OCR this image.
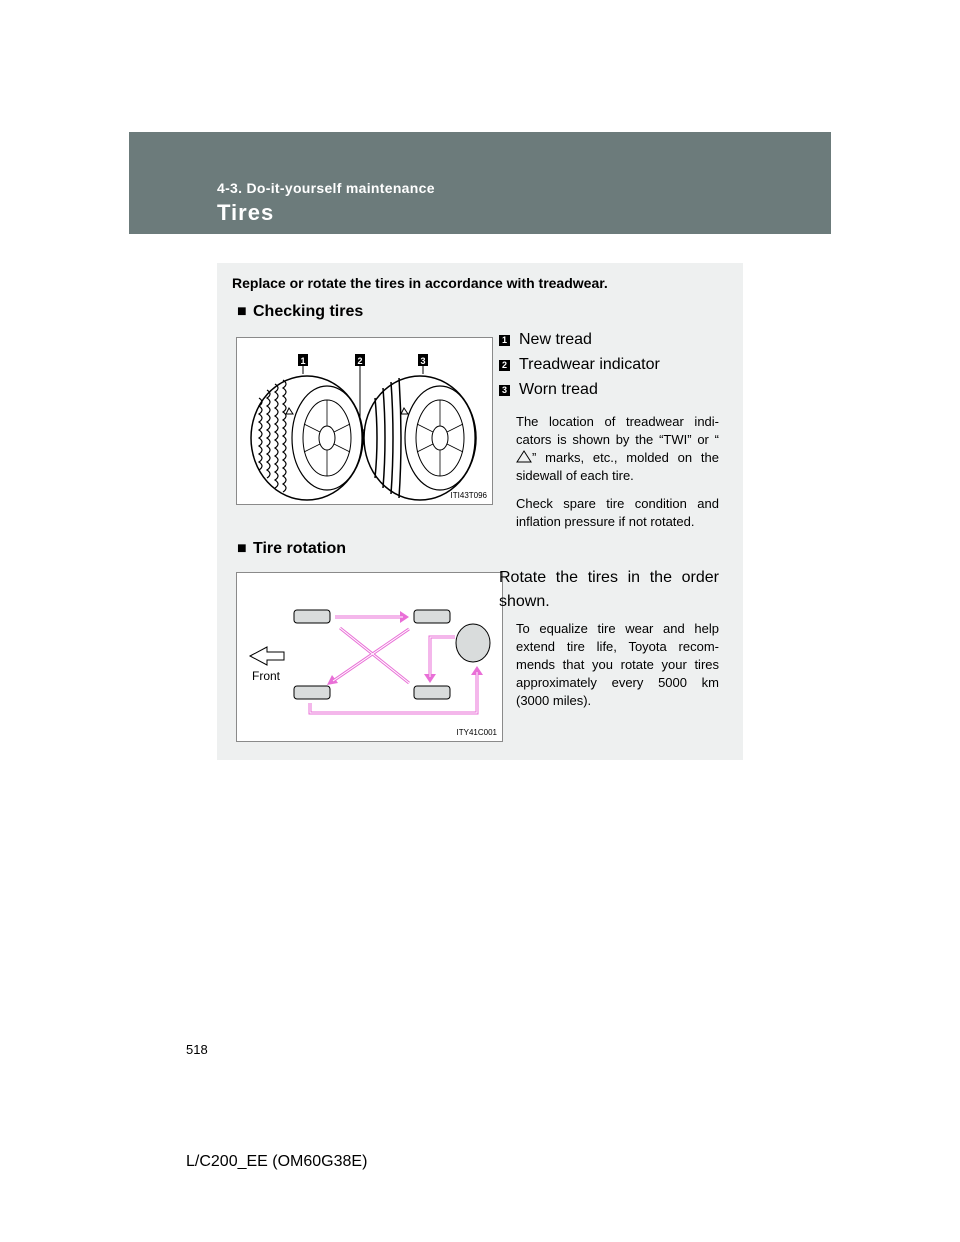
4-3. Do-it-yourself maintenance
Tires
Replace or rotate the tires in accordance with treadwear.
■ Checking tires
1	2	3
ITI43T096
1 New tread
2 Treadwear indicator
3 Worn tread
The location of treadwear indi-cators is shown by the “TWI” or “” marks, etc., molded on the sidewall of each tire.
Check spare tire condition and inflation pressure if not rotated.
■ Tire rotation
Front
ITY41C001
Rotate the tires in the order shown.
To equalize tire wear and help extend tire life, Toyota recom-mends that you rotate your tires approximately every 5000 km (3000 miles).
518
L/C200_EE (OM60G38E)
